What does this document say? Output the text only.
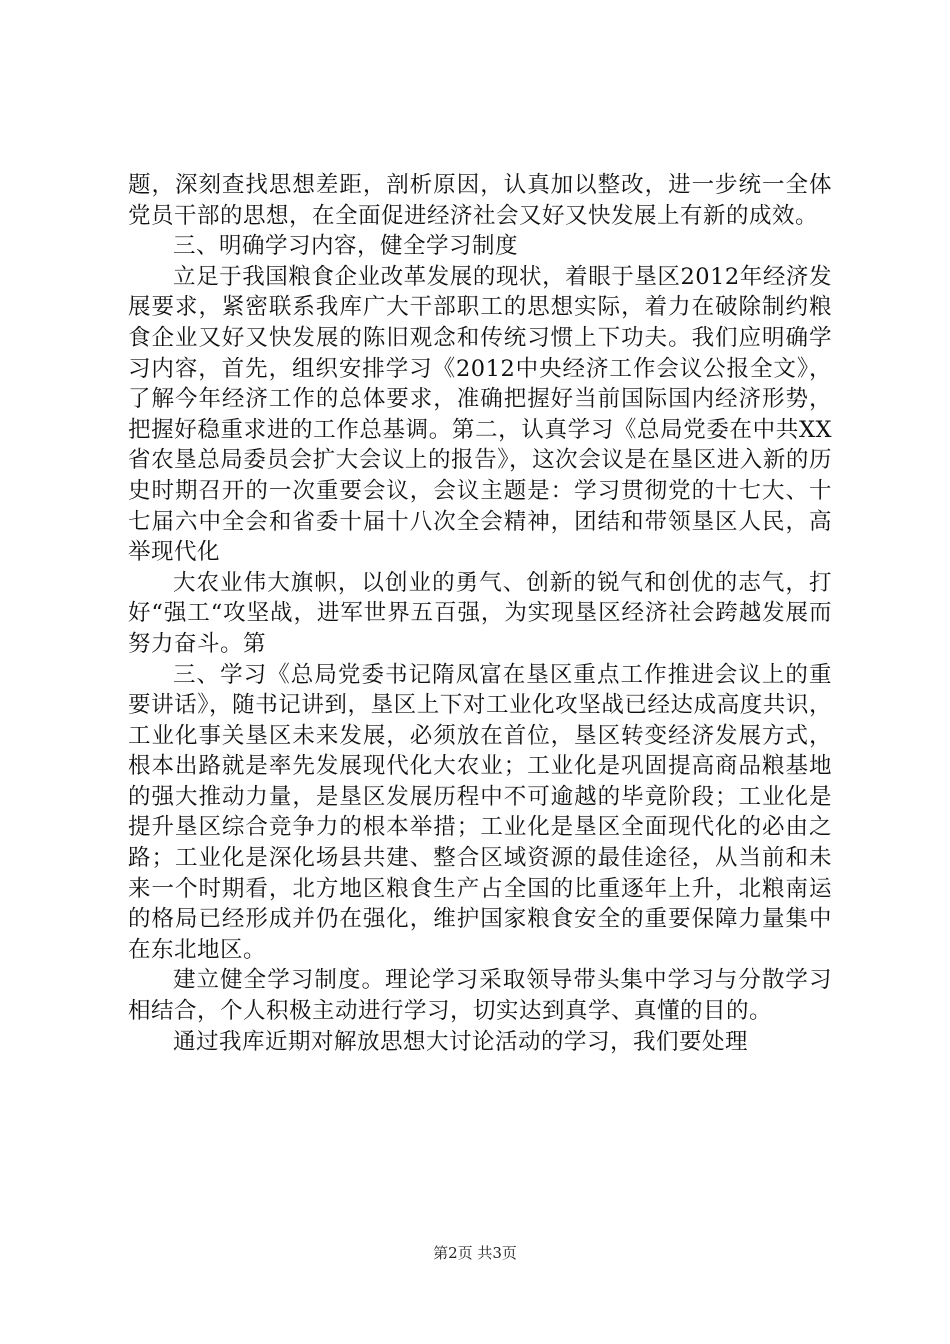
题，深刻查找思想差距，剖析原因，认真加以整改，进一步统一全体党员干部的思想，在全面促进经济社会又好又快发展上有新的成效。

三、明确学习内容，健全学习制度

立足于我国粮食企业改革发展的现状，着眼于垦区2012年经济发展要求，紧密联系我库广大干部职工的思想实际，着力在破除制约粮食企业又好又快发展的陈旧观念和传统习惯上下功夫。我们应明确学习内容，首先，组织安排学习《2012中央经济工作会议公报全文》，了解今年经济工作的总体要求，准确把握好当前国际国内经济形势，把握好稳重求进的工作总基调。第二，认真学习《总局党委在中共XX省农垦总局委员会扩大会议上的报告》，这次会议是在垦区进入新的历史时期召开的一次重要会议，会议主题是：学习贯彻党的十七大、十七届六中全会和省委十届十八次全会精神，团结和带领垦区人民，高举现代化

大农业伟大旗帜，以创业的勇气、创新的锐气和创优的志气，打好“强工“攻坚战，进军世界五百强，为实现垦区经济社会跨越发展而努力奋斗。第

三、学习《总局党委书记隋凤富在垦区重点工作推进会议上的重要讲话》，随书记讲到，垦区上下对工业化攻坚战已经达成高度共识，工业化事关垦区未来发展，必须放在首位，垦区转变经济发展方式，根本出路就是率先发展现代化大农业；工业化是巩固提高商品粮基地的强大推动力量，是垦区发展历程中不可逾越的毕竟阶段；工业化是提升垦区综合竞争力的根本举措；工业化是垦区全面现代化的必由之路；工业化是深化场县共建、整合区域资源的最佳途径，从当前和未来一个时期看，北方地区粮食生产占全国的比重逐年上升，北粮南运的格局已经形成并仍在强化，维护国家粮食安全的重要保障力量集中在东北地区。

建立健全学习制度。理论学习采取领导带头集中学习与分散学习相结合，个人积极主动进行学习，切实达到真学、真懂的目的。

通过我库近期对解放思想大讨论活动的学习，我们要处理

第2页 共3页
